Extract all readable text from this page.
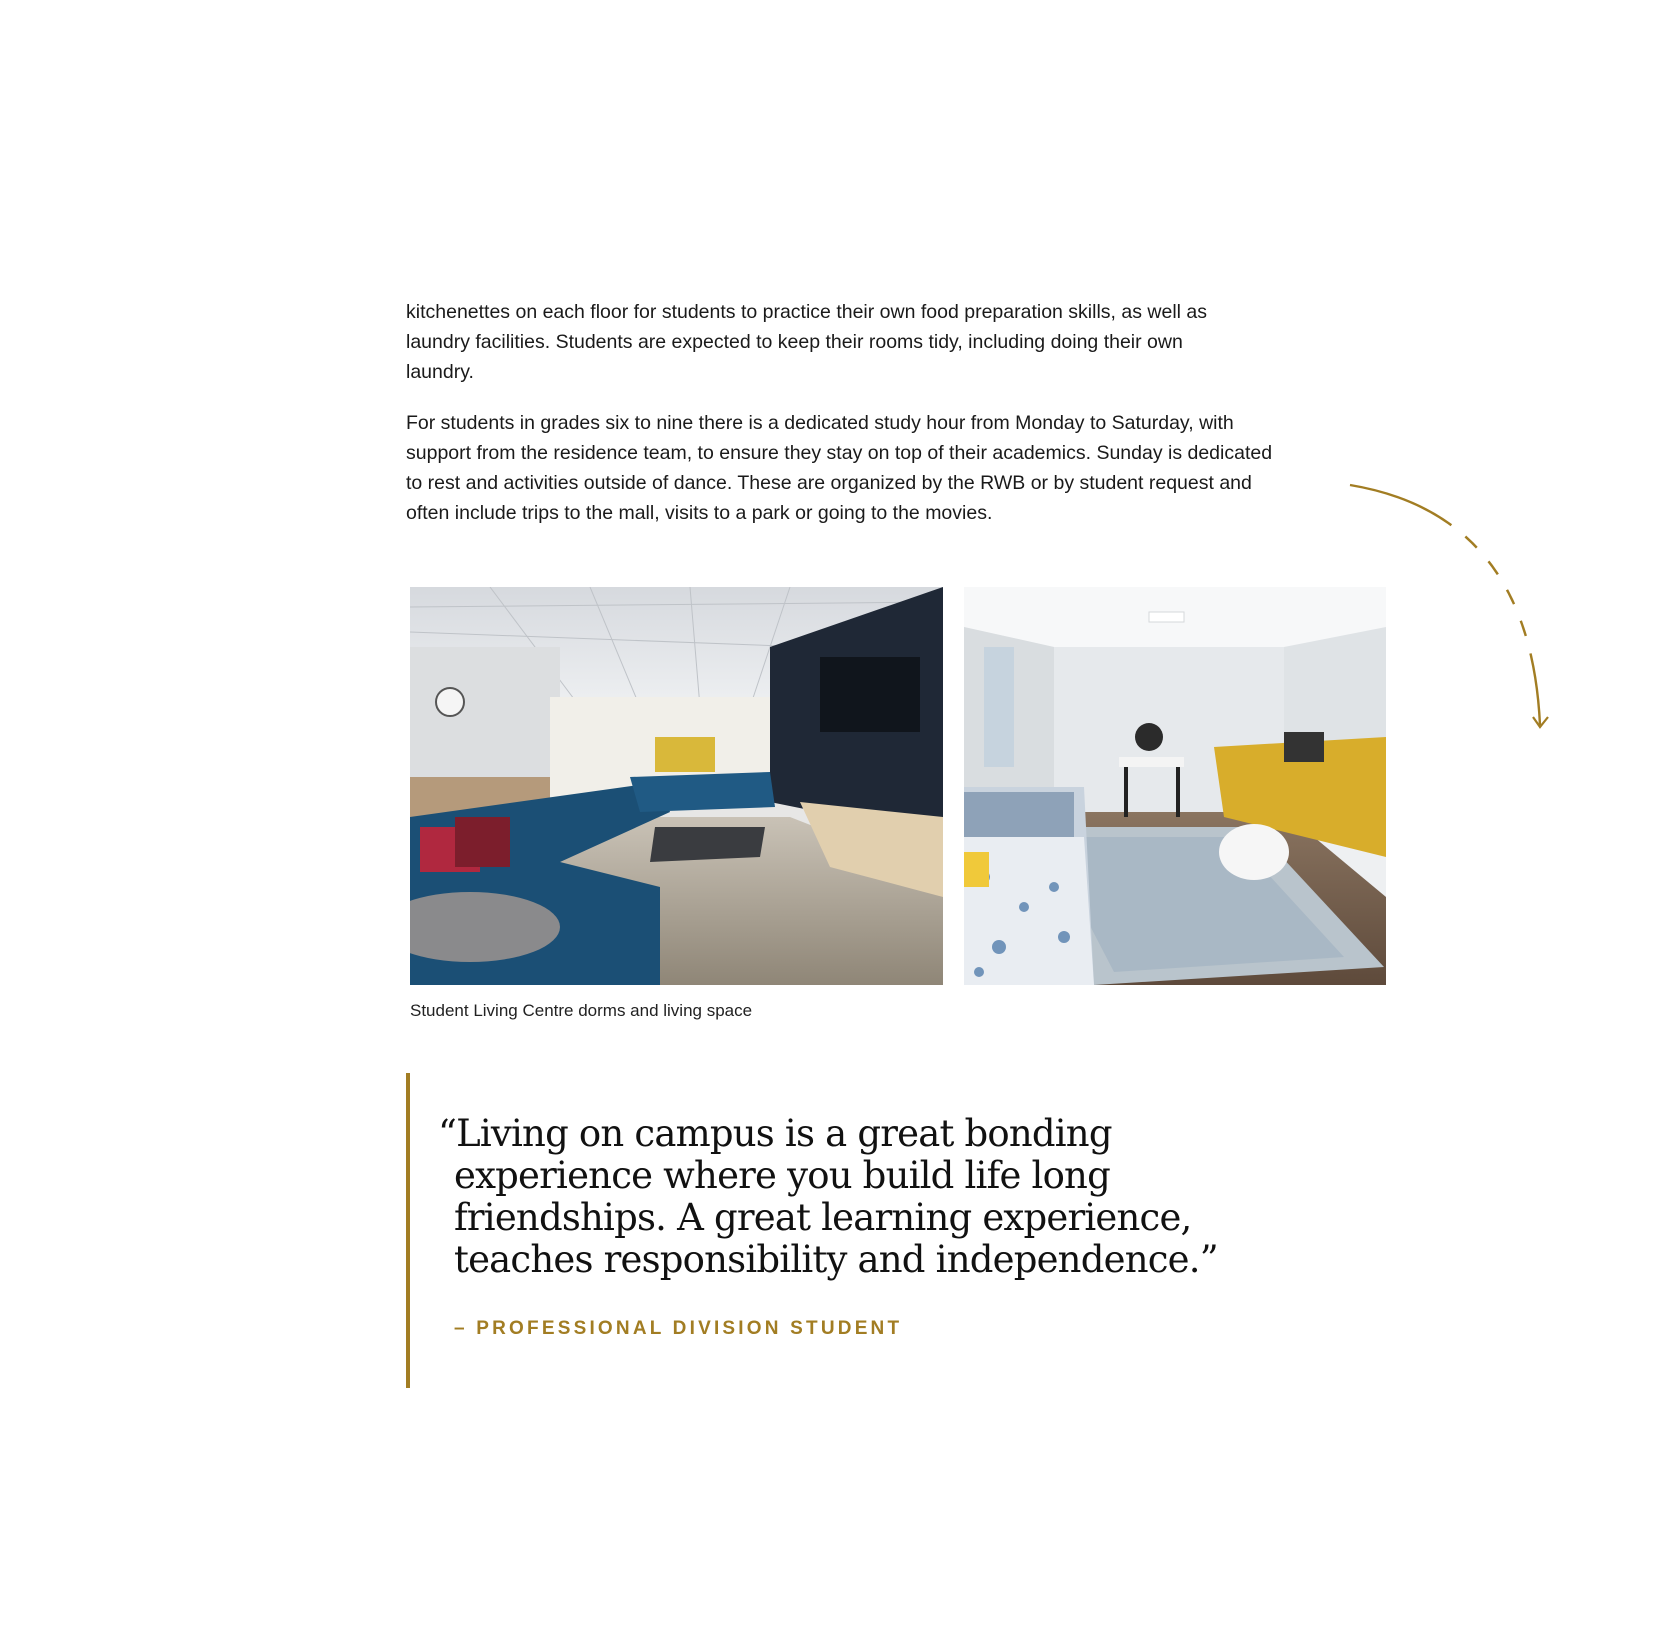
kitchenettes on each floor for students to practice their own food preparation skills, as well as laundry facilities. Students are expected to keep their rooms tidy, including doing their own laundry.

For students in grades six to nine there is a dedicated study hour from Monday to Saturday, with support from the residence team, to ensure they stay on top of their academics. Sunday is dedicated to rest and activities outside of dance. These are organized by the RWB or by student request and often include trips to the mall, visits to a park or going to the movies.

Student Living Centre dorms and living space
“Living on campus is a great bonding experience where you build life long friendships. A great learning experience, teaches responsibility and independence.”
– PROFESSIONAL DIVISION STUDENT
